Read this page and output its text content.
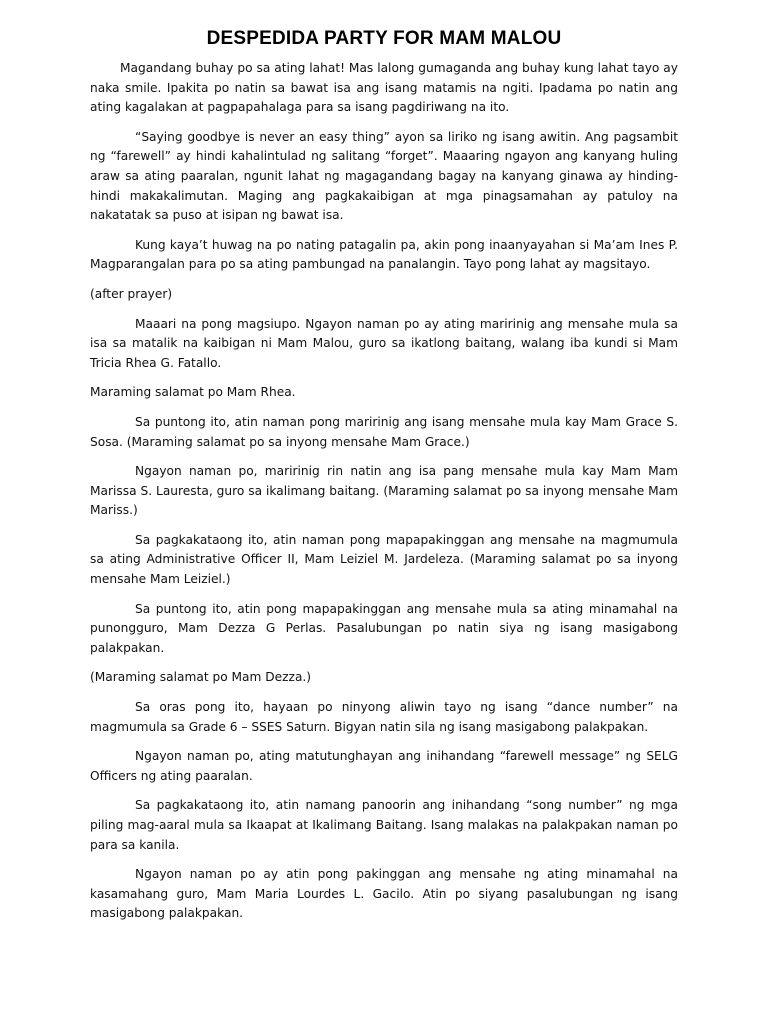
DESPEDIDA PARTY FOR MAM MALOU

Magandang buhay po sa ating lahat! Mas lalong gumaganda ang buhay kung lahat tayo ay naka smile. Ipakita po natin sa bawat isa ang isang matamis na ngiti. Ipadama po natin ang ating kagalakan at pagpapahalaga para sa isang pagdiriwang na ito.

“Saying goodbye is never an easy thing” ayon sa liriko ng isang awitin. Ang pagsambit ng “farewell” ay hindi kahalintulad ng salitang “forget”. Maaaring ngayon ang kanyang huling araw sa ating paaralan, ngunit lahat ng magagandang bagay na kanyang ginawa ay hinding-hindi makakalimutan. Maging ang pagkakaibigan at mga pinagsamahan ay patuloy na nakatatak sa puso at isipan ng bawat isa.

Kung kaya’t huwag na po nating patagalin pa, akin pong inaanyayahan si Ma’am Ines P. Magparangalan para po sa ating pambungad na panalangin. Tayo pong lahat ay magsitayo.

(after prayer)

Maaari na pong magsiupo. Ngayon naman po ay ating maririnig ang mensahe mula sa isa sa matalik na kaibigan ni Mam Malou, guro sa ikatlong baitang, walang iba kundi si Mam Tricia Rhea G. Fatallo.

Maraming salamat po Mam Rhea.

Sa puntong ito, atin naman pong maririnig ang isang mensahe mula kay Mam Grace S. Sosa. (Maraming salamat po sa inyong mensahe Mam Grace.)

Ngayon naman po, maririnig rin natin ang isa pang mensahe mula kay Mam Mam Marissa S. Lauresta, guro sa ikalimang baitang. (Maraming salamat po sa inyong mensahe Mam Mariss.)

Sa pagkakataong ito, atin naman pong mapapakinggan ang mensahe na magmumula sa ating Administrative Officer II, Mam Leiziel M. Jardeleza. (Maraming salamat po sa inyong mensahe Mam Leiziel.)

Sa puntong ito, atin pong mapapakinggan ang mensahe mula sa ating minamahal na punongguro, Mam Dezza G Perlas. Pasalubungan po natin siya ng isang masigabong palakpakan.

(Maraming salamat po Mam Dezza.)

Sa oras pong ito, hayaan po ninyong aliwin tayo ng isang “dance number” na magmumula sa Grade 6 – SSES Saturn. Bigyan natin sila ng isang masigabong palakpakan.

Ngayon naman po, ating matutunghayan ang inihandang “farewell message” ng SELG Officers ng ating paaralan.

Sa pagkakataong ito, atin namang panoorin ang inihandang “song number” ng mga piling mag-aaral mula sa Ikaapat at Ikalimang Baitang. Isang malakas na palakpakan naman po para sa kanila.

Ngayon naman po ay atin pong pakinggan ang mensahe ng ating minamahal na kasamahang guro, Mam Maria Lourdes L. Gacilo. Atin po siyang pasalubungan ng isang masigabong palakpakan.
